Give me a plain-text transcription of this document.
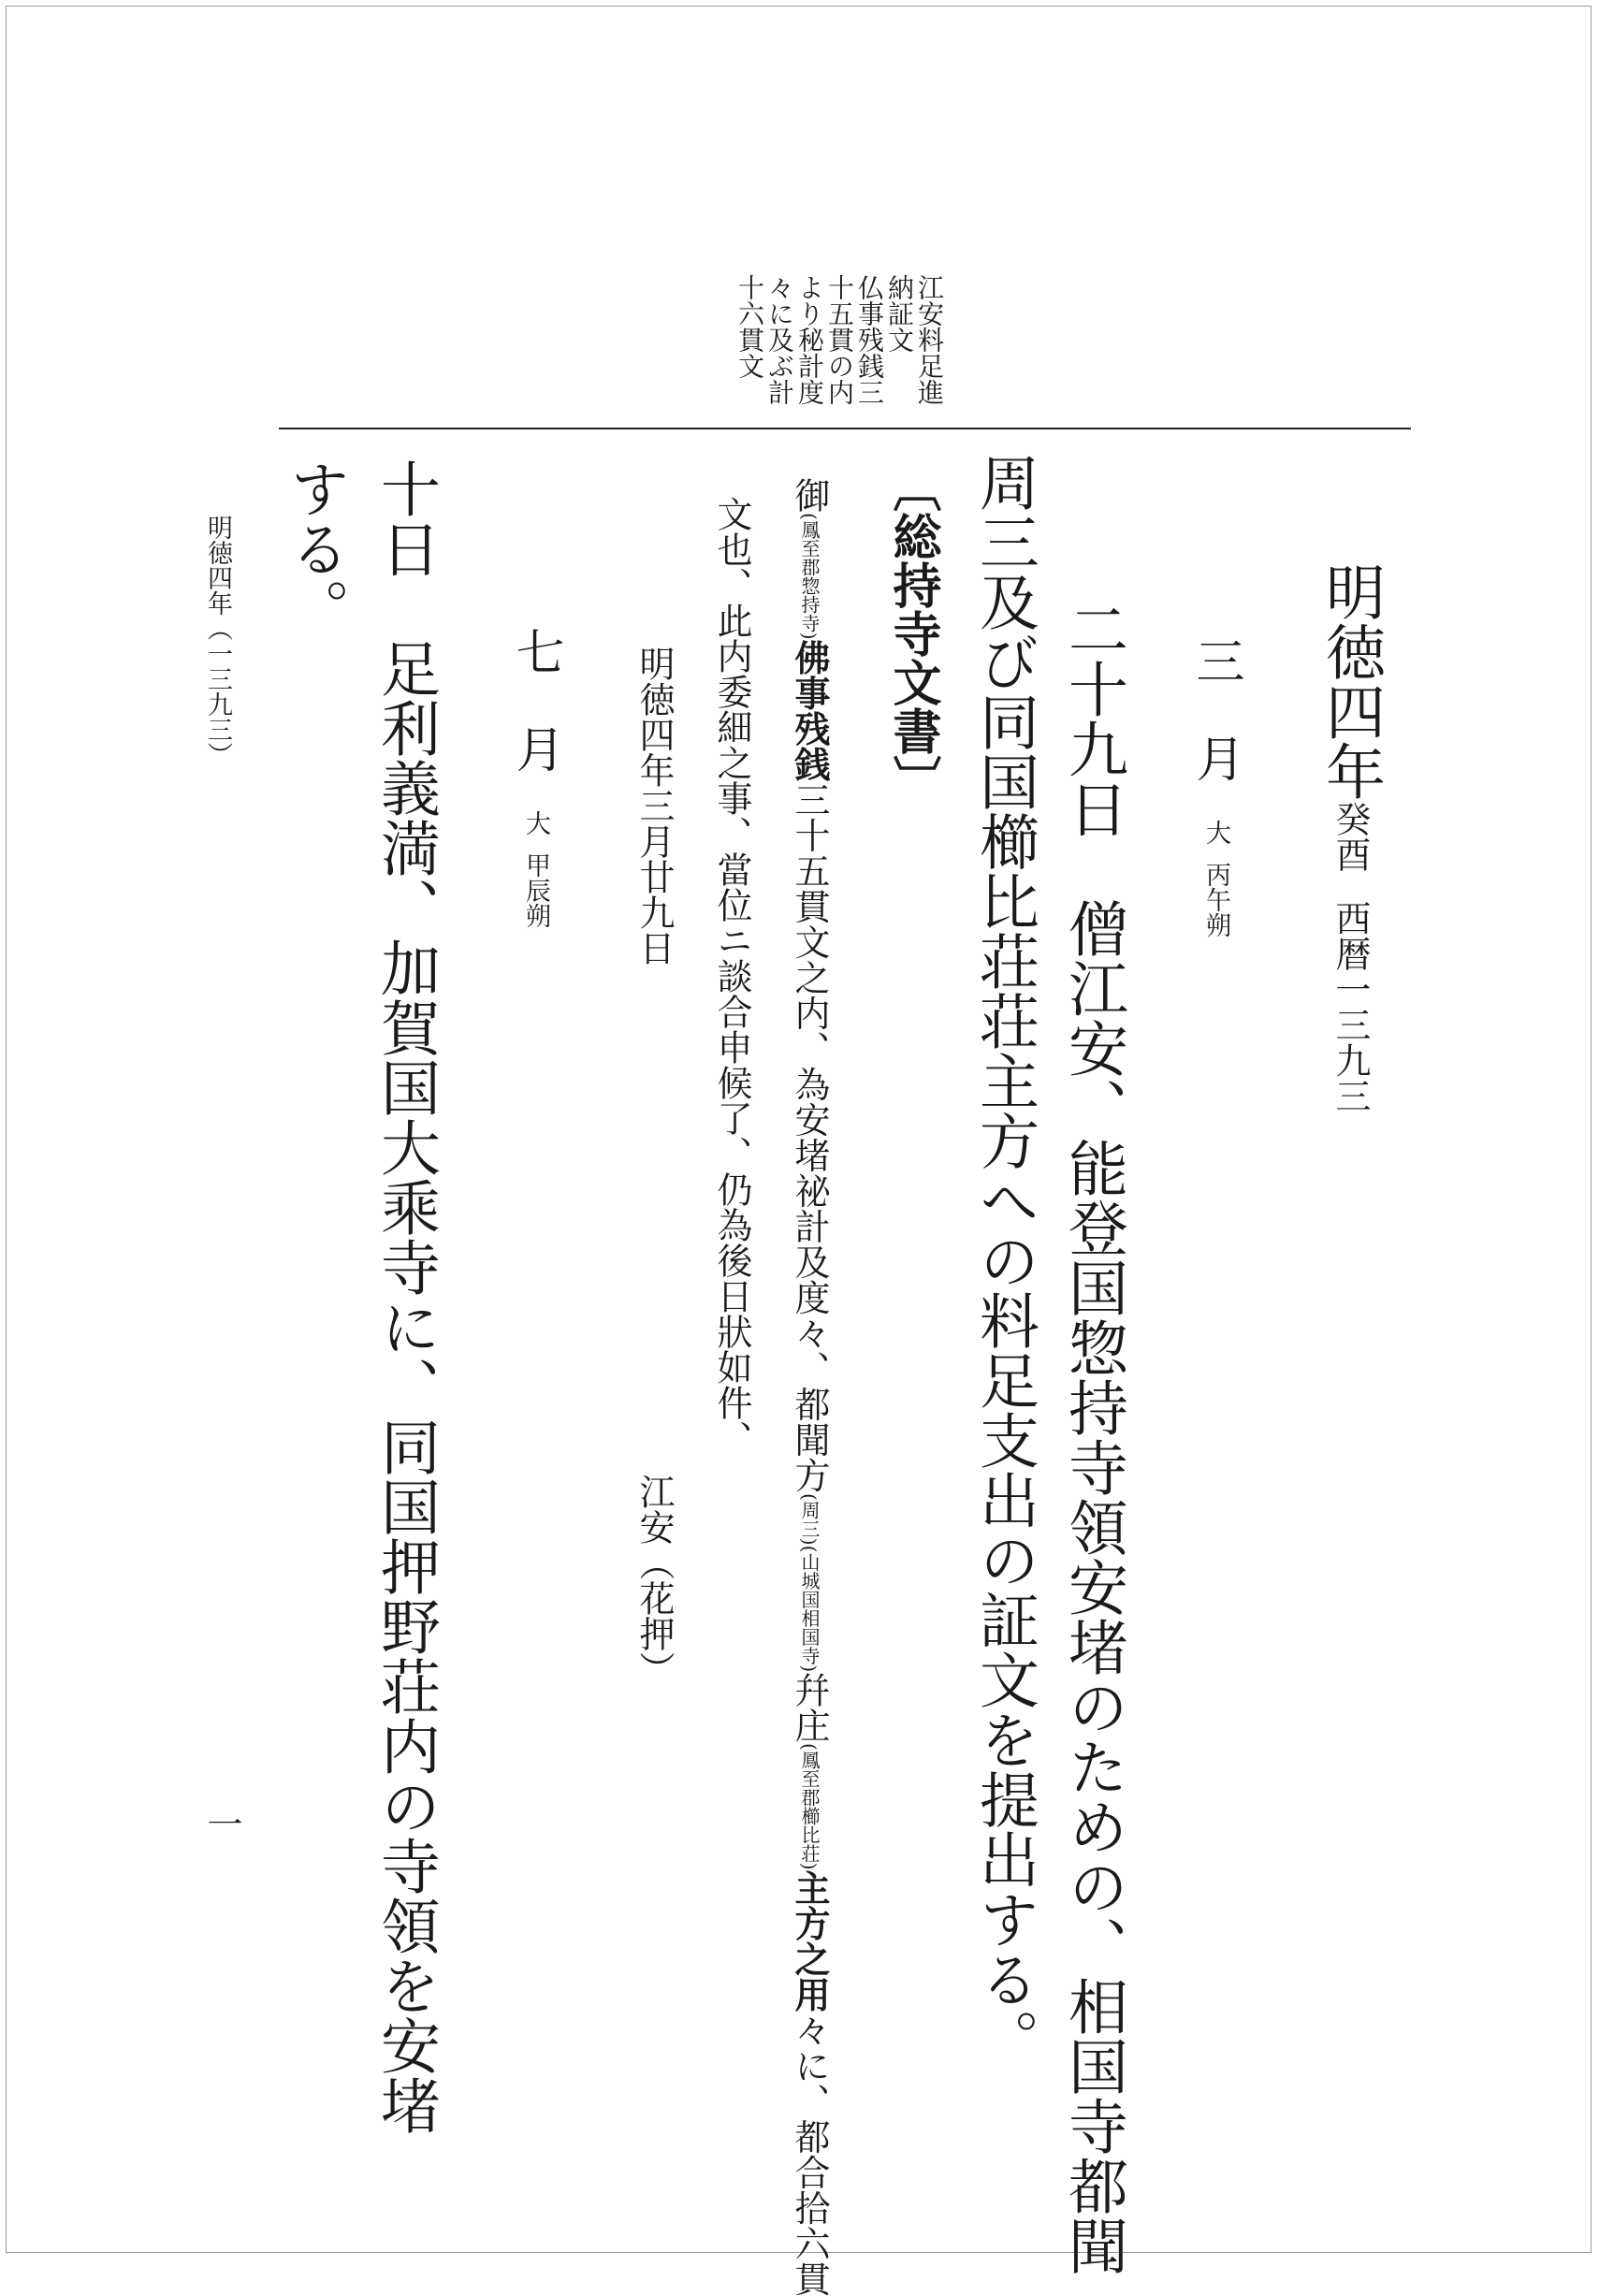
江安料足進
納証文
仏事残銭三
十五貫の内
より秘計度
々に及ぶ計
十六貫文
明徳四年癸酉西暦一三九三
三　月大丙午朔
二十九日　僧江安、能登国惣持寺領安堵のための、相国寺都聞
周三及び同国櫛比荘荘主方への料足支出の証文を提出する。
〔総持寺文書〕
御(鳳至郡惣持寺)佛事残銭三十五貫文之内、為安堵祕計及度々、都聞方(周三)(山城国相国寺)幷庄(鳳至郡櫛比荘)主方之用々に、都合拾六貫
文也、此内委細之事、當位ニ談合申候了、仍為後日狀如件、
明徳四年三月廿九日
江安（花押）
七　月大甲辰朔
十日　足利義満、加賀国大乘寺に、同国押野荘内の寺領を安堵
する。
明徳四年（一三九三）
一
